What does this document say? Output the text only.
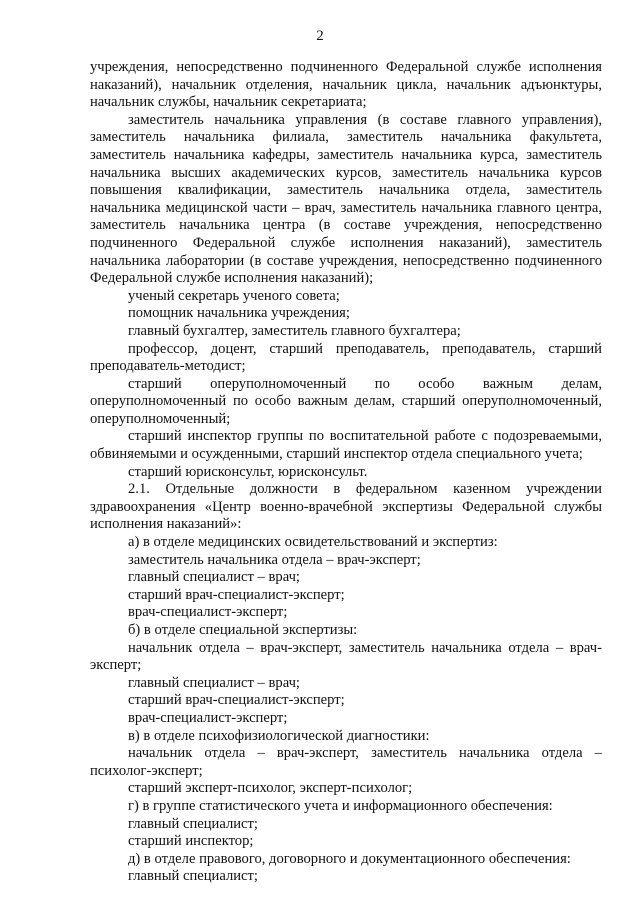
2

учреждения, непосредственно подчиненного Федеральной службе исполнения наказаний), начальник отделения, начальник цикла, начальник адъюнктуры, начальник службы, начальник секретариата;

заместитель начальника управления (в составе главного управления), заместитель начальника филиала, заместитель начальника факультета, заместитель начальника кафедры, заместитель начальника курса, заместитель начальника высших академических курсов, заместитель начальника курсов повышения квалификации, заместитель начальника отдела, заместитель начальника медицинской части – врач, заместитель начальника главного центра, заместитель начальника центра (в составе учреждения, непосредственно подчиненного Федеральной службе исполнения наказаний), заместитель начальника лаборатории (в составе учреждения, непосредственно подчиненного Федеральной службе исполнения наказаний);

ученый секретарь ученого совета;

помощник начальника учреждения;

главный бухгалтер, заместитель главного бухгалтера;

профессор, доцент, старший преподаватель, преподаватель, старший преподаватель-методист;

старший оперуполномоченный по особо важным делам, оперуполномоченный по особо важным делам, старший оперуполномоченный, оперуполномоченный;

старший инспектор группы по воспитательной работе с подозреваемыми, обвиняемыми и осужденными, старший инспектор отдела специального учета;

старший юрисконсульт, юрисконсульт.

2.1. Отдельные должности в федеральном казенном учреждении здравоохранения «Центр военно-врачебной экспертизы Федеральной службы исполнения наказаний»:

а) в отделе медицинских освидетельствований и экспертиз:

заместитель начальника отдела – врач-эксперт;

главный специалист – врач;

старший врач-специалист-эксперт;

врач-специалист-эксперт;

б) в отделе специальной экспертизы:

начальник отдела – врач-эксперт, заместитель начальника отдела – врач-эксперт;

главный специалист – врач;

старший врач-специалист-эксперт;

врач-специалист-эксперт;

в) в отделе психофизиологической диагностики:

начальник отдела – врач-эксперт, заместитель начальника отдела – психолог-эксперт;

старший эксперт-психолог, эксперт-психолог;

г) в группе статистического учета и информационного обеспечения:

главный специалист;

старший инспектор;

д) в отделе правового, договорного и документационного обеспечения:

главный специалист;
